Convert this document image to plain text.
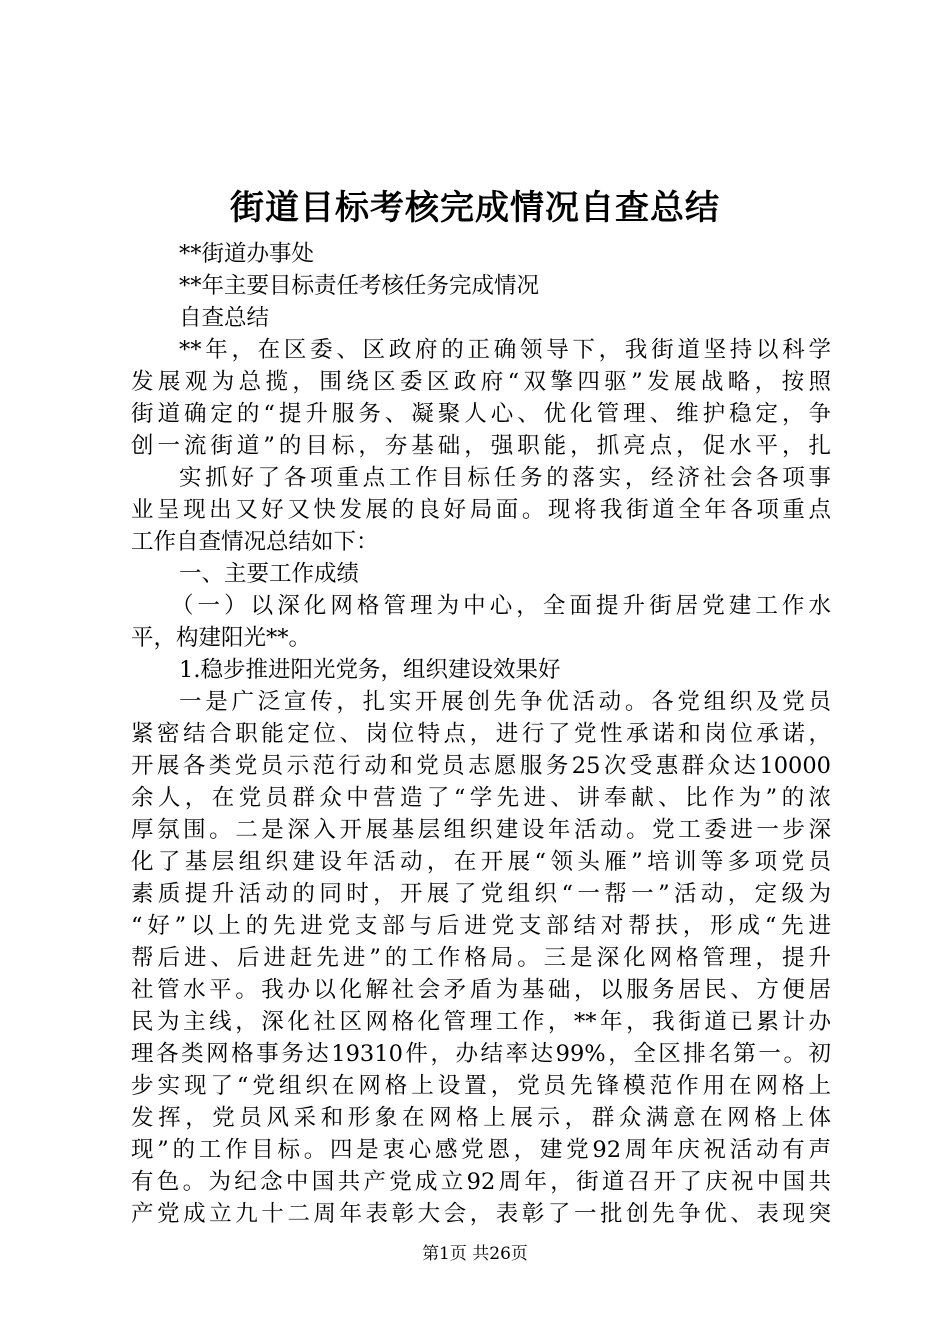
街道目标考核完成情况自查总结
**街道办事处
**年主要目标责任考核任务完成情况
自查总结
**年，在区委、区政府的正确领导下，我街道坚持以科学
发展观为总揽，围绕区委区政府“双擎四驱”发展战略，按照
街道确定的“提升服务、凝聚人心、优化管理、维护稳定，争
创一流街道”的目标，夯基础，强职能，抓亮点，促水平，扎
实抓好了各项重点工作目标任务的落实，经济社会各项事
业呈现出又好又快发展的良好局面。现将我街道全年各项重点
工作自查情况总结如下：
一、主要工作成绩
（一）以深化网格管理为中心，全面提升街居党建工作水
平，构建阳光**。
1.稳步推进阳光党务，组织建设效果好
一是广泛宣传，扎实开展创先争优活动。各党组织及党员
紧密结合职能定位、岗位特点，进行了党性承诺和岗位承诺，
开展各类党员示范行动和党员志愿服务25次受惠群众达10000
余人，在党员群众中营造了“学先进、讲奉献、比作为”的浓
厚氛围。二是深入开展基层组织建设年活动。党工委进一步深
化了基层组织建设年活动，在开展“领头雁”培训等多项党员
素质提升活动的同时，开展了党组织“一帮一”活动，定级为
“好”以上的先进党支部与后进党支部结对帮扶，形成“先进
帮后进、后进赶先进”的工作格局。三是深化网格管理，提升
社管水平。我办以化解社会矛盾为基础，以服务居民、方便居
民为主线，深化社区网格化管理工作，**年，我街道已累计办
理各类网格事务达19310件，办结率达99%，全区排名第一。初
步实现了“党组织在网格上设置，党员先锋模范作用在网格上
发挥，党员风采和形象在网格上展示，群众满意在网格上体
现”的工作目标。四是衷心感党恩，建党92周年庆祝活动有声
有色。为纪念中国共产党成立92周年，街道召开了庆祝中国共
产党成立九十二周年表彰大会，表彰了一批创先争优、表现突
第1页 共26页
